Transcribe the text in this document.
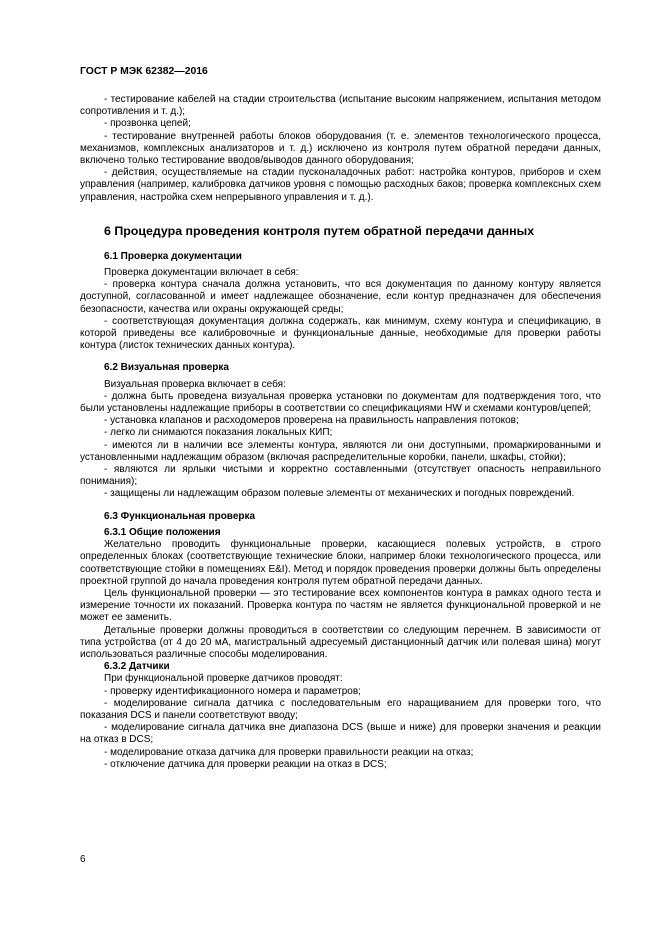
ГОСТ Р МЭК 62382—2016

- тестирование кабелей на стадии строительства (испытание высоким напряжением, испытания методом сопротивления и т. д.);

- прозвонка цепей;

- тестирование внутренней работы блоков оборудования (т. е. элементов технологического процесса, механизмов, комплексных анализаторов и т. д.) исключено из контроля путем обратной передачи данных, включено только тестирование вводов/выводов данного оборудования;

- действия, осуществляемые на стадии пусконаладочных работ: настройка контуров, приборов и схем управления (например, калибровка датчиков уровня с помощью расходных баков; проверка комплексных схем управления, настройка схем непрерывного управления и т. д.).

6 Процедура проведения контроля путем обратной передачи данных

6.1 Проверка документации

Проверка документации включает в себя:

- проверка контура сначала должна установить, что вся документация по данному контуру является доступной, согласованной и имеет надлежащее обозначение, если контур предназначен для обеспечения безопасности, качества или охраны окружающей среды;

- соответствующая документация должна содержать, как минимум, схему контура и спецификацию, в которой приведены все калибровочные и функциональные данные, необходимые для проверки работы контура (листок технических данных контура).

6.2 Визуальная проверка

Визуальная проверка включает в себя:

- должна быть проведена визуальная проверка установки по документам для подтверждения того, что были установлены надлежащие приборы в соответствии со спецификациями HW и схемами контуров/цепей;

- установка клапанов и расходомеров проверена на правильность направления потоков;

- легко ли снимаются показания локальных КИП;

- имеются ли в наличии все элементы контура, являются ли они доступными, промаркированными и установленными надлежащим образом (включая распределительные коробки, панели, шкафы, стойки);

- являются ли ярлыки чистыми и корректно составленными (отсутствует опасность неправильного понимания);

- защищены ли надлежащим образом полевые элементы от механических и погодных повреждений.

6.3 Функциональная проверка

6.3.1 Общие положения

Желательно проводить функциональные проверки, касающиеся полевых устройств, в строго определенных блоках (соответствующие технические блоки, например блоки технологического процесса, или соответствующие стойки в помещениях E&I). Метод и порядок проведения проверки должны быть определены проектной группой до начала проведения контроля путем обратной передачи данных.

Цель функциональной проверки — это тестирование всех компонентов контура в рамках одного теста и измерение точности их показаний. Проверка контура по частям не является функциональной проверкой и не может ее заменить.

Детальные проверки должны проводиться в соответствии со следующим перечнем. В зависимости от типа устройства (от 4 до 20 мА, магистральный адресуемый дистанционный датчик или полевая шина) могут использоваться различные способы моделирования.

6.3.2 Датчики

При функциональной проверке датчиков проводят:

- проверку идентификационного номера и параметров;

- моделирование сигнала датчика с последовательным его наращиванием для проверки того, что показания DCS и панели соответствуют вводу;

- моделирование сигнала датчика вне диапазона DCS (выше и ниже) для проверки значения и реакции на отказ в DCS;

- моделирование отказа датчика для проверки правильности реакции на отказ;

- отключение датчика для проверки реакции на отказ в DCS;

6
